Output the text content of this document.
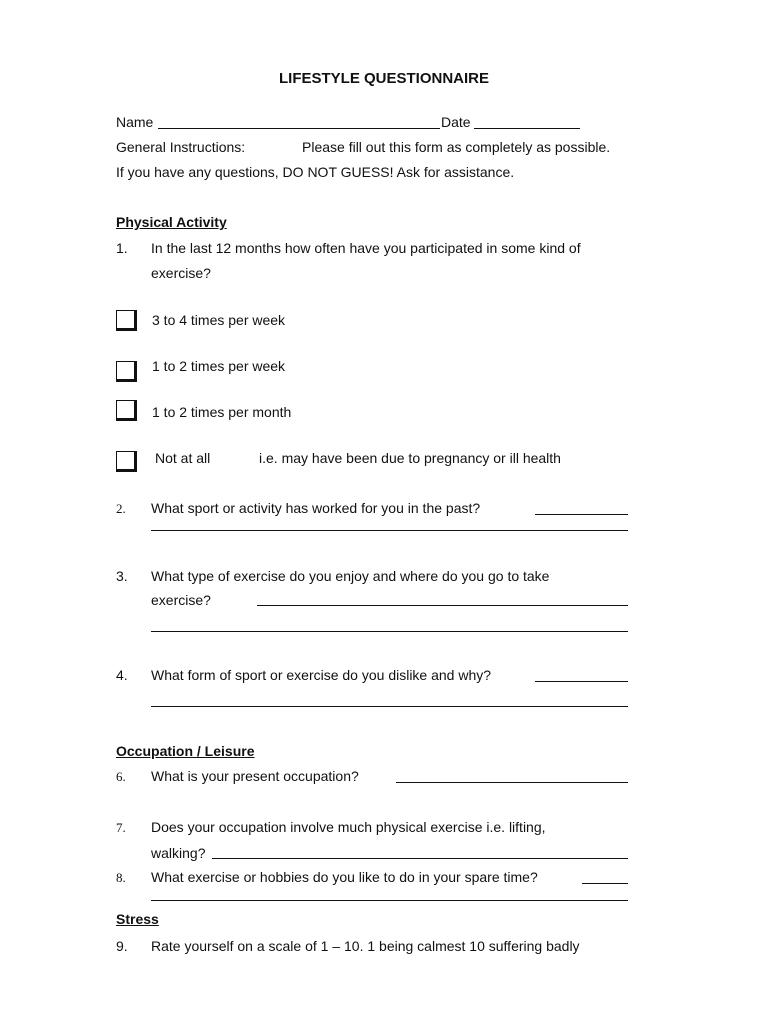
LIFESTYLE QUESTIONNAIRE
Name	Date
General Instructions:	Please fill out this form as completely as possible.
If you have any questions, DO NOT GUESS! Ask for assistance.
Physical Activity
1. In the last 12 months how often have you participated in some kind of
exercise?
3 to 4 times per week
1 to 2 times per week
1 to 2 times per month
Not at all	i.e. may have been due to pregnancy or ill health
2. What sport or activity has worked for you in the past?
3. What type of exercise do you enjoy and where do you go to take
exercise?
4. What form of sport or exercise do you dislike and why?
Occupation / Leisure
6. What is your present occupation?
7. Does your occupation involve much physical exercise i.e. lifting,
walking?
8. What exercise or hobbies do you like to do in your spare time?
Stress
9. Rate yourself on a scale of 1 – 10. 1 being calmest 10 suffering badly
